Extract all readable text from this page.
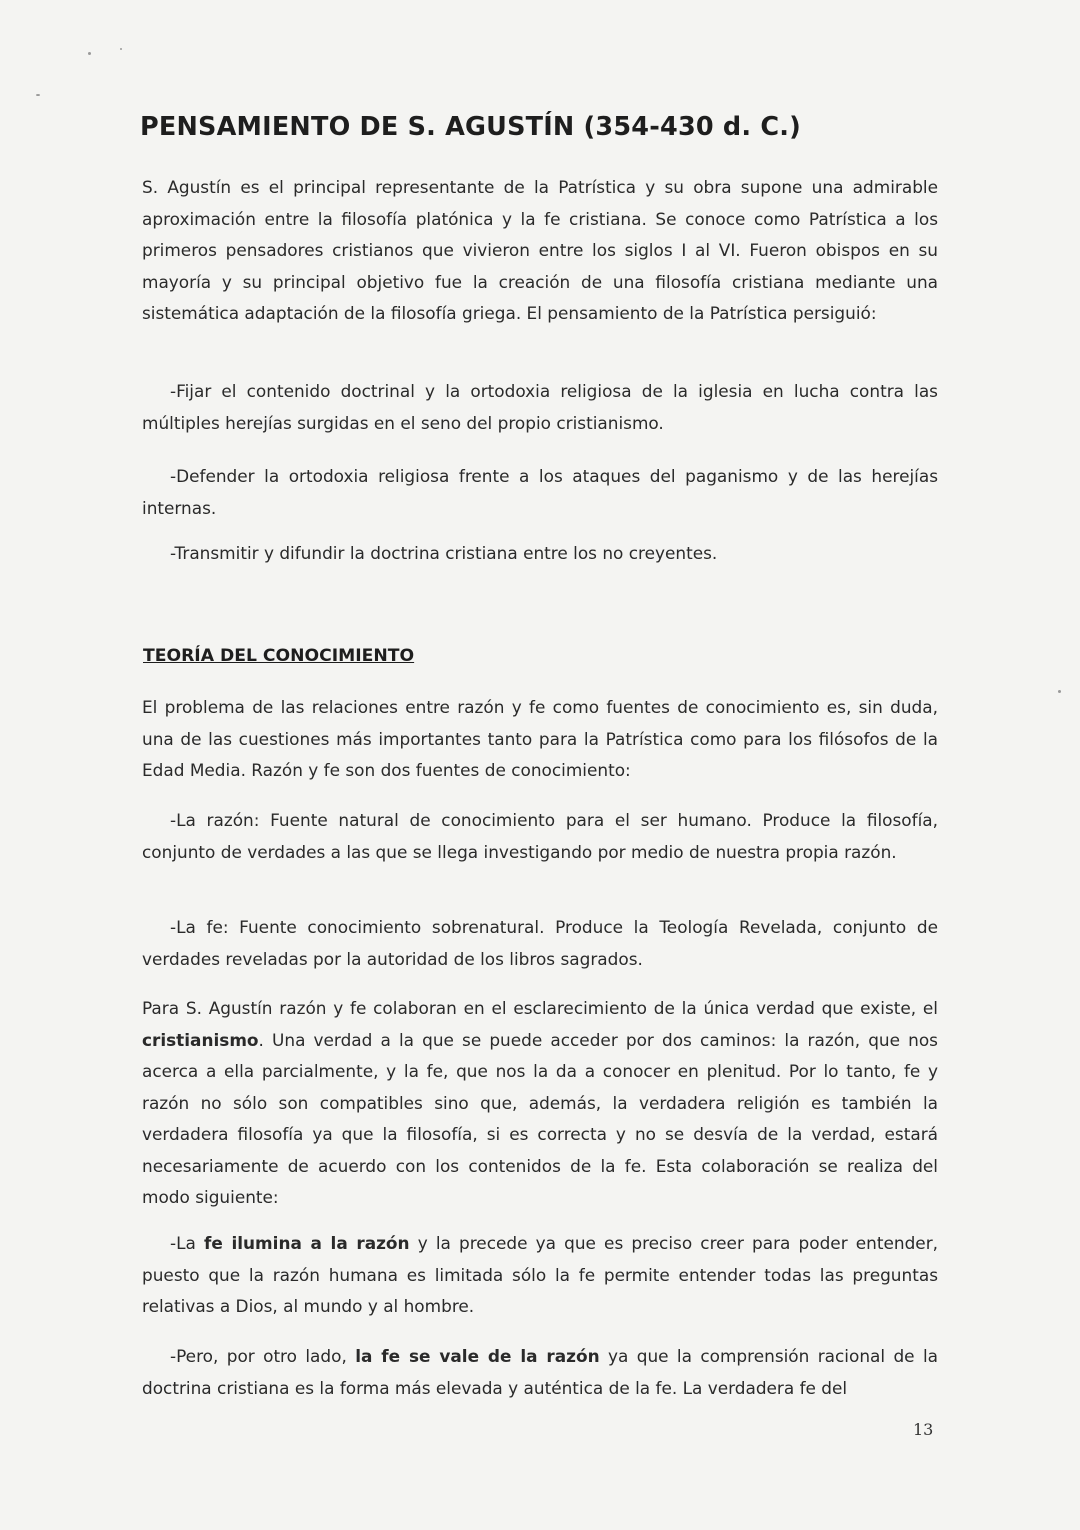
PENSAMIENTO DE S. AGUSTÍN (354-430 d. C.)

S. Agustín es el principal representante de la Patrística y su obra supone una admirable aproximación entre la filosofía platónica y la fe cristiana. Se conoce como Patrística a los primeros pensadores cristianos que vivieron entre los siglos I al VI. Fueron obispos en su mayoría y su principal objetivo fue la creación de una filosofía cristiana mediante una sistemática adaptación de la filosofía griega. El pensamiento de la Patrística persiguió:

-Fijar el contenido doctrinal y la ortodoxia religiosa de la iglesia en lucha contra las múltiples herejías surgidas en el seno del propio cristianismo.

-Defender la ortodoxia religiosa frente a los ataques del paganismo y de las herejías internas.

-Transmitir y difundir la doctrina cristiana entre los no creyentes.

TEORÍA DEL CONOCIMIENTO

El problema de las relaciones entre razón y fe como fuentes de conocimiento es, sin duda, una de las cuestiones más importantes tanto para la Patrística como para los filósofos de la Edad Media. Razón y fe son dos fuentes de conocimiento:

-La razón: Fuente natural de conocimiento para el ser humano. Produce la filosofía, conjunto de verdades a las que se llega investigando por medio de nuestra propia razón.

-La fe: Fuente conocimiento sobrenatural. Produce la Teología Revelada, conjunto de verdades reveladas por la autoridad de los libros sagrados.

Para S. Agustín razón y fe colaboran en el esclarecimiento de la única verdad que existe, el cristianismo. Una verdad a la que se puede acceder por dos caminos: la razón, que nos acerca a ella parcialmente, y la fe, que nos la da a conocer en plenitud. Por lo tanto, fe y razón no sólo son compatibles sino que, además, la verdadera religión es también la verdadera filosofía ya que la filosofía, si es correcta y no se desvía de la verdad, estará necesariamente de acuerdo con los contenidos de la fe. Esta colaboración se realiza del modo siguiente:

-La fe ilumina a la razón y la precede ya que es preciso creer para poder entender, puesto que la razón humana es limitada sólo la fe permite entender todas las preguntas relativas a Dios, al mundo y al hombre.

-Pero, por otro lado, la fe se vale de la razón ya que la comprensión racional de la doctrina cristiana es la forma más elevada y auténtica de la fe. La verdadera fe del

13
